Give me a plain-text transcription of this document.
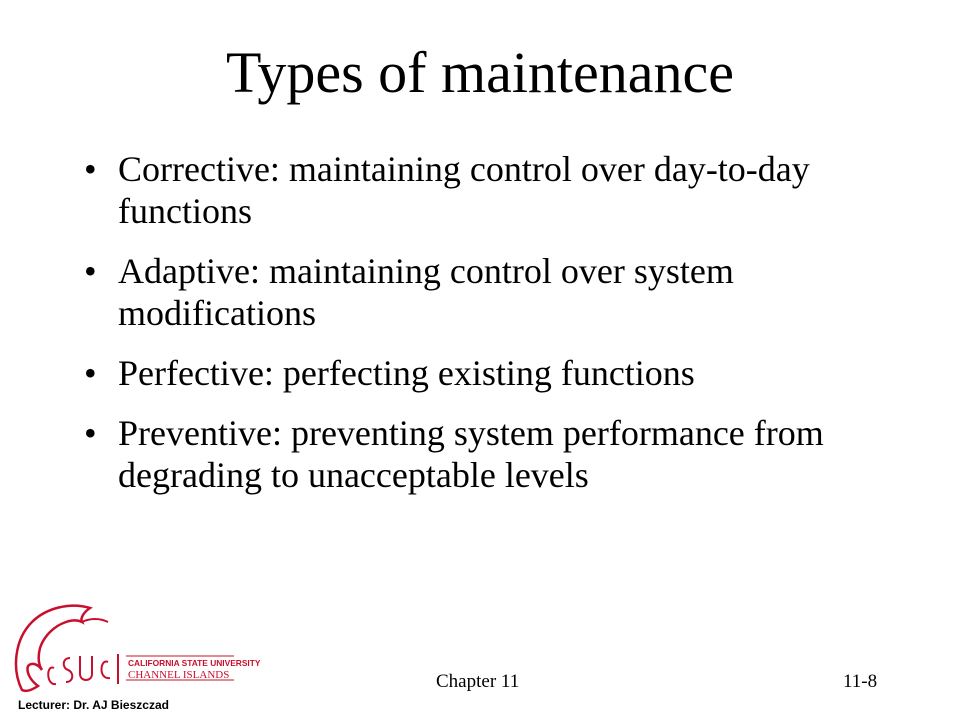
Types of maintenance
• Corrective: maintaining control over day-to-day functions
• Adaptive: maintaining control over system modifications
• Perfective: perfecting existing functions
• Preventive: preventing system performance from degrading to unacceptable levels
CALIFORNIA STATE UNIVERSITY
CHANNEL ISLANDS
Lecturer: Dr. AJ Bieszczad
Chapter 11	11-8
